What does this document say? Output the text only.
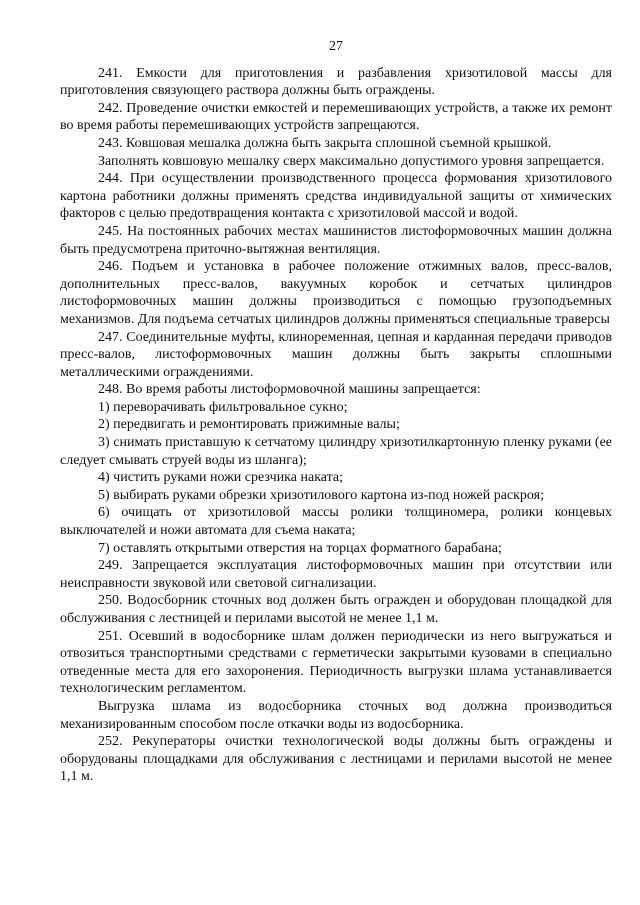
27

241. Емкости для приготовления и разбавления хризотиловой массы для приготовления связующего раствора должны быть ограждены.

242. Проведение очистки емкостей и перемешивающих устройств, а также их ремонт во время работы перемешивающих устройств запрещаются.

243. Ковшовая мешалка должна быть закрыта сплошной съемной крышкой.

Заполнять ковшовую мешалку сверх максимально допустимого уровня запрещается.

244. При осуществлении производственного процесса формования хризотилового картона работники должны применять средства индивидуальной защиты от химических факторов с целью предотвращения контакта с хризотиловой массой и водой.

245. На постоянных рабочих местах машинистов листоформовочных машин должна быть предусмотрена приточно-вытяжная вентиляция.

246. Подъем и установка в рабочее положение отжимных валов, пресс-валов, дополнительных пресс-валов, вакуумных коробок и сетчатых цилиндров листоформовочных машин должны производиться с помощью грузоподъемных механизмов. Для подъема сетчатых цилиндров должны применяться специальные траверсы

247. Соединительные муфты, клиноременная, цепная и карданная передачи приводов пресс-валов, листоформовочных машин должны быть закрыты сплошными металлическими ограждениями.

248. Во время работы листоформовочной машины запрещается:

1) переворачивать фильтровальное сукно;

2) передвигать и ремонтировать прижимные валы;

3) снимать приставшую к сетчатому цилиндру хризотилкартонную пленку руками (ее следует смывать струей воды из шланга);

4) чистить руками ножи срезчика наката;

5) выбирать руками обрезки хризотилового картона из-под ножей раскроя;

6) очищать от хризотиловой массы ролики толщиномера, ролики концевых выключателей и ножи автомата для съема наката;

7) оставлять открытыми отверстия на торцах форматного барабана;

249. Запрещается эксплуатация листоформовочных машин при отсутствии или неисправности звуковой или световой сигнализации.

250. Водосборник сточных вод должен быть огражден и оборудован площадкой для обслуживания с лестницей и перилами высотой не менее 1,1 м.

251. Осевший в водосборнике шлам должен периодически из него выгружаться и отвозиться транспортными средствами с герметически закрытыми кузовами в специально отведенные места для его захоронения. Периодичность выгрузки шлама устанавливается технологическим регламентом.

Выгрузка шлама из водосборника сточных вод должна производиться механизированным способом после откачки воды из водосборника.

252. Рекуператоры очистки технологической воды должны быть ограждены и оборудованы площадками для обслуживания с лестницами и перилами высотой не менее 1,1 м.
